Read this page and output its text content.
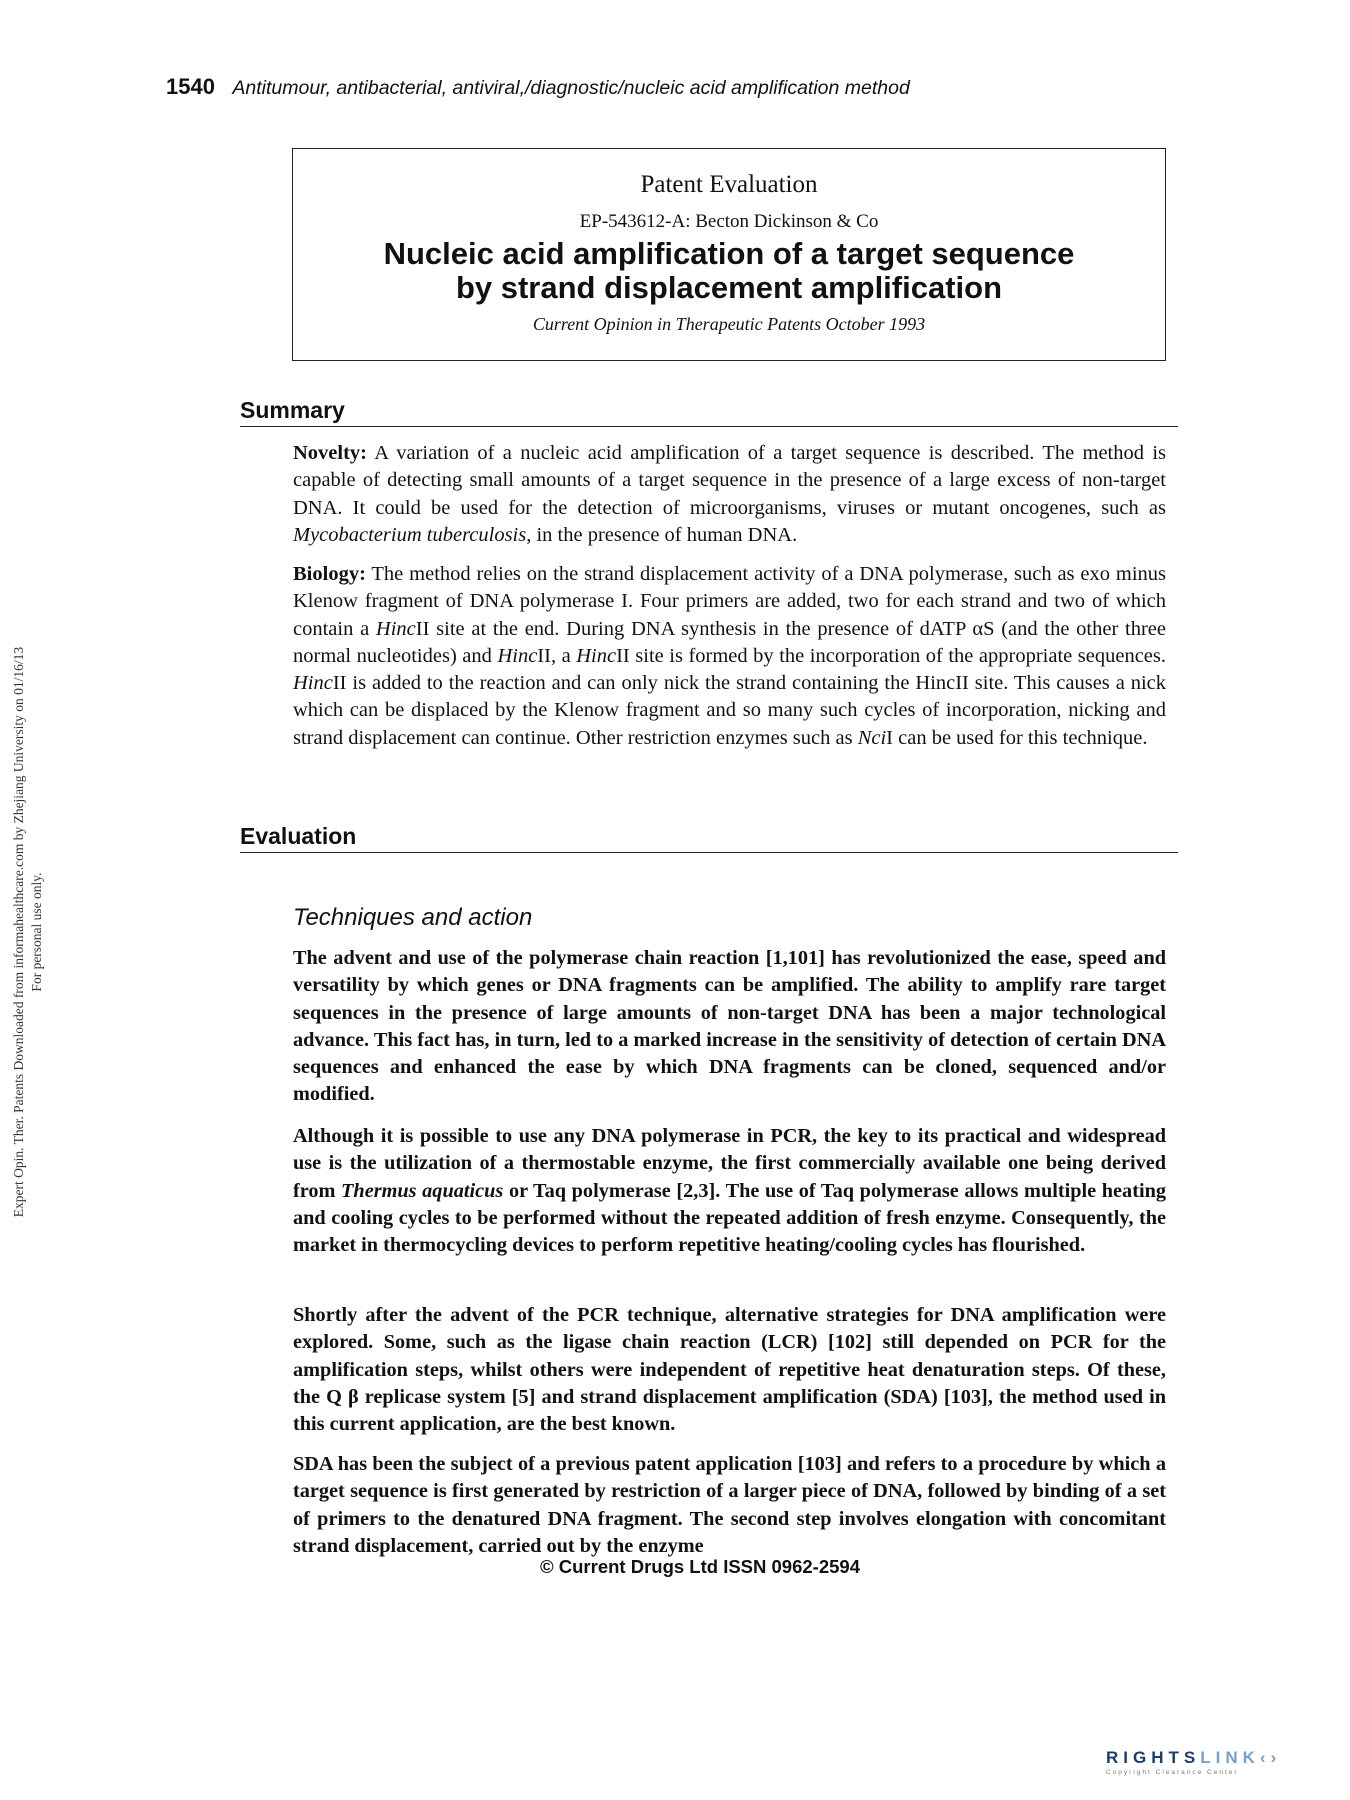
1540 Antitumour, antibacterial, antiviral,/diagnostic/nucleic acid amplification method
Patent Evaluation
EP-543612-A: Becton Dickinson & Co
Nucleic acid amplification of a target sequence
by strand displacement amplification
Current Opinion in Therapeutic Patents October 1993
Summary

Novelty: A variation of a nucleic acid amplification of a target sequence is described. The method is capable of detecting small amounts of a target sequence in the presence of a large excess of non-target DNA. It could be used for the detection of microorganisms, viruses or mutant oncogenes, such as Mycobacterium tuberculosis, in the presence of human DNA.

Biology: The method relies on the strand displacement activity of a DNA polymerase, such as exo minus Klenow fragment of DNA polymerase I. Four primers are added, two for each strand and two of which contain a HincII site at the end. During DNA synthesis in the presence of dATP αS (and the other three normal nucleotides) and HincII, a HincII site is formed by the incorporation of the appropriate sequences. HincII is added to the reaction and can only nick the strand containing the HincII site. This causes a nick which can be displaced by the Klenow fragment and so many such cycles of incorporation, nicking and strand displacement can continue. Other restriction enzymes such as NciI can be used for this technique.

Evaluation
Techniques and action

The advent and use of the polymerase chain reaction [1,101] has revolutionized the ease, speed and versatility by which genes or DNA fragments can be amplified. The ability to amplify rare target sequences in the presence of large amounts of non-target DNA has been a major technological advance. This fact has, in turn, led to a marked increase in the sensitivity of detection of certain DNA sequences and enhanced the ease by which DNA fragments can be cloned, sequenced and/or modified.

Although it is possible to use any DNA polymerase in PCR, the key to its practical and widespread use is the utilization of a thermostable enzyme, the first commercially available one being derived from Thermus aquaticus or Taq polymerase [2,3]. The use of Taq polymerase allows multiple heating and cooling cycles to be performed without the repeated addition of fresh enzyme. Consequently, the market in thermocycling devices to perform repetitive heating/cooling cycles has flourished.

Shortly after the advent of the PCR technique, alternative strategies for DNA amplification were explored. Some, such as the ligase chain reaction (LCR) [102] still depended on PCR for the amplification steps, whilst others were independent of repetitive heat denaturation steps. Of these, the Q β replicase system [5] and strand displacement amplification (SDA) [103], the method used in this current application, are the best known.

SDA has been the subject of a previous patent application [103] and refers to a procedure by which a target sequence is first generated by restriction of a larger piece of DNA, followed by binding of a set of primers to the denatured DNA fragment. The second step involves elongation with concomitant strand displacement, carried out by the enzyme

© Current Drugs Ltd ISSN 0962-2594
Expert Opin. Ther. Patents Downloaded from informahealthcare.com by Zhejiang University on 01/16/13 For personal use only.
RIGHTSLINK‹›
Copyright Clearance Center
